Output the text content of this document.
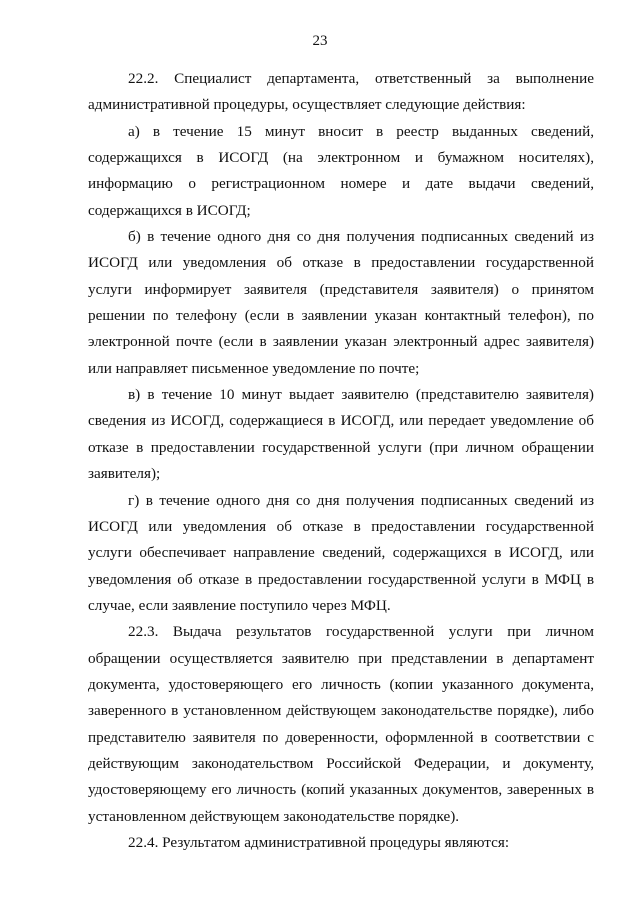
23

22.2. Специалист департамента, ответственный за выполнение административной процедуры, осуществляет следующие действия:

а) в течение 15 минут вносит в реестр выданных сведений, содержащихся в ИСОГД (на электронном и бумажном носителях), информацию о регистрационном номере и дате выдачи сведений, содержащихся в ИСОГД;

б) в течение одного дня со дня получения подписанных сведений из ИСОГД или уведомления об отказе в предоставлении государственной услуги информирует заявителя (представителя заявителя) о принятом решении по телефону (если в заявлении указан контактный телефон), по электронной почте (если в заявлении указан электронный адрес заявителя) или направляет письменное уведомление по почте;

в) в течение 10 минут выдает заявителю (представителю заявителя) сведения из ИСОГД, содержащиеся в ИСОГД, или передает уведомление об отказе в предоставлении государственной услуги (при личном обращении заявителя);

г) в течение одного дня со дня получения подписанных сведений из ИСОГД или уведомления об отказе в предоставлении государственной услуги обеспечивает направление сведений, содержащихся в ИСОГД, или уведомления об отказе в предоставлении государственной услуги в МФЦ в случае, если заявление поступило через МФЦ.

22.3. Выдача результатов государственной услуги при личном обращении осуществляется заявителю при представлении в департамент документа, удостоверяющего его личность (копии указанного документа, заверенного в установленном действующем законодательстве порядке), либо представителю заявителя по доверенности, оформленной в соответствии с действующим законодательством Российской Федерации, и документу, удостоверяющему его личность (копий указанных документов, заверенных в установленном действующем законодательстве порядке).

22.4. Результатом административной процедуры являются:
